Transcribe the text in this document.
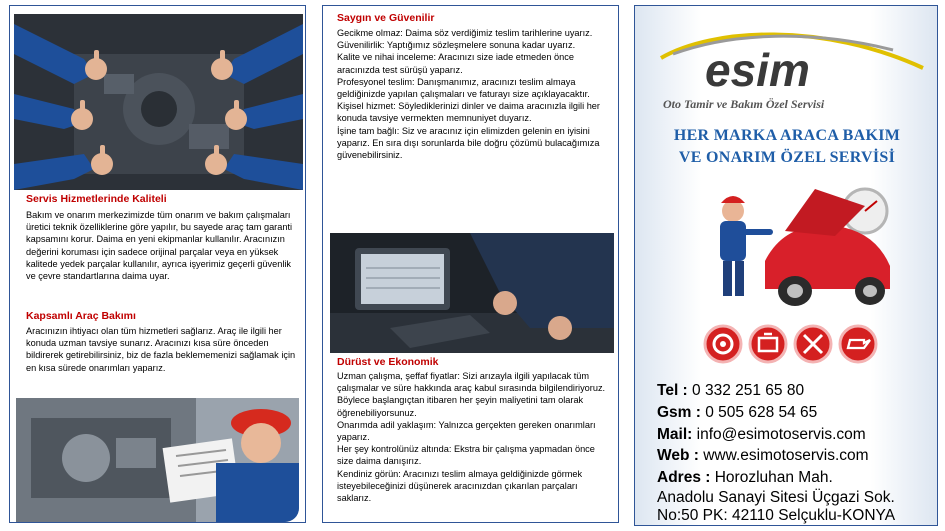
Servis Hizmetlerinde Kaliteli
Bakım ve onarım merkezimizde tüm onarım ve bakım çalışmaları üretici teknik özelliklerine göre yapılır, bu sayede araç tam garanti kapsamını korur. Daima en yeni ekipmanlar kullanılır. Aracınızın değerini koruması için sadece orijinal parçalar veya en yüksek kalitede yedek parçalar kullanılır, ayrıca işyerimiz geçerli güvenlik ve çevre standartlarına daima uyar.
Kapsamlı Araç Bakımı
Aracınızın ihtiyacı olan tüm hizmetleri sağlarız. Araç ile ilgili her konuda uzman tavsiye sunarız. Aracınızı kısa süre önceden bildirerek getirebilirsiniz, biz de fazla beklememenizi sağlamak için en kısa sürede onarımları yaparız.
Saygın ve Güvenilir
Gecikme olmaz: Daima söz verdiğimiz teslim tarihlerine uyarız.
Güvenilirlik: Yaptığımız sözleşmelere sonuna kadar uyarız.
Kalite ve nihai inceleme: Aracınızı size iade etmeden önce aracınızda test sürüşü yaparız.
Profesyonel teslim: Danışmanımız, aracınızı teslim almaya geldiğinizde yapılan çalışmaları ve faturayı size açıklayacaktır.
Kişisel hizmet: Söylediklerinizi dinler ve daima aracınızla ilgili her konuda tavsiye vermekten memnuniyet duyarız.
İşine tam bağlı: Siz ve aracınız için elimizden gelenin en iyisini yaparız. En sıra dışı sorunlarda bile doğru çözümü bulacağımıza güvenebilirsiniz.
Dürüst ve Ekonomik
Uzman çalışma, şeffaf fiyatlar: Sizi arızayla ilgili yapılacak tüm çalışmalar ve süre hakkında araç kabul sırasında bilgilendiriyoruz. Böylece başlangıçtan itibaren her şeyin maliyetini tam olarak öğrenebiliyorsunuz.
Onarımda adil yaklaşım: Yalnızca gerçekten gereken onarımları yaparız.
Her şey kontrolünüz altında: Ekstra bir çalışma yapmadan önce size daima danışırız.
Kendiniz görün: Aracınızı teslim almaya geldiğinizde görmek isteyebileceğinizi düşünerek aracınızdan çıkarılan parçaları saklarız.
esim
Oto Tamir ve Bakım Özel Servisi
HER MARKA ARACA BAKIM
VE ONARIM ÖZEL SERVİSİ
Tel : 0 332 251 65 80
Gsm : 0 505 628 54 65
Mail: info@esimotoservis.com
Web : www.esimotoservis.com
Adres : Horozluhan Mah.
Anadolu Sanayi Sitesi Üçgazi Sok.
No:50 PK: 42110 Selçuklu-KONYA
